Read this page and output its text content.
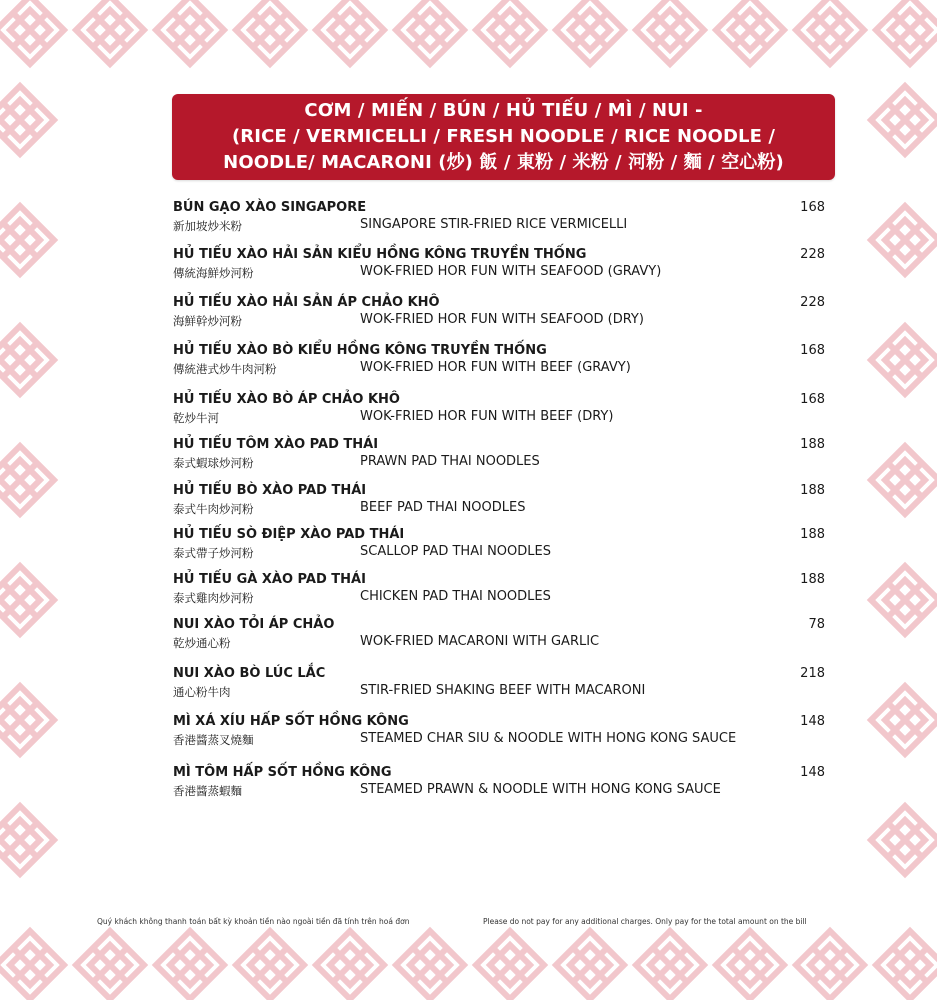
CƠM / MIẾN / BÚN / HỦ TIẾU / MÌ / NUI -
(RICE / VERMICELLI / FRESH NOODLE / RICE NOODLE /
NOODLE/ MACARONI (炒) 飯 / 東粉 / 米粉 / 河粉 / 麵 / 空心粉)
BÚN GẠO XÀO SINGAPORE
新加坡炒米粉	SINGAPORE STIR-FRIED RICE VERMICELLI
168
HỦ TIẾU XÀO HẢI SẢN KIỂU HỒNG KÔNG TRUYỀN THỐNG
傳統海鮮炒河粉	WOK-FRIED HOR FUN WITH SEAFOOD (GRAVY)
228
HỦ TIẾU XÀO HẢI SẢN ÁP CHẢO KHÔ
海鮮幹炒河粉	WOK-FRIED HOR FUN WITH SEAFOOD (DRY)
228
HỦ TIẾU XÀO BÒ KIỂU HỒNG KÔNG TRUYỀN THỐNG
傳統港式炒牛肉河粉	WOK-FRIED HOR FUN WITH BEEF (GRAVY)
168
HỦ TIẾU XÀO BÒ ÁP CHẢO KHÔ
乾炒牛河	WOK-FRIED HOR FUN WITH BEEF (DRY)
168
HỦ TIẾU TÔM XÀO PAD THÁI
泰式蝦球炒河粉	PRAWN PAD THAI NOODLES
188
HỦ TIẾU BÒ XÀO PAD THÁI
泰式牛肉炒河粉	BEEF PAD THAI NOODLES
188
HỦ TIẾU SÒ ĐIỆP XÀO PAD THÁI
泰式帶子炒河粉	SCALLOP PAD THAI NOODLES
188
HỦ TIẾU GÀ XÀO PAD THÁI
泰式雞肉炒河粉	CHICKEN PAD THAI NOODLES
188
NUI XÀO TỎI ÁP CHẢO
乾炒通心粉	WOK-FRIED MACARONI WITH GARLIC
78
NUI XÀO BÒ LÚC LẮC
通心粉牛肉	STIR-FRIED SHAKING BEEF WITH MACARONI
218
MÌ XÁ XÍU HẤP SỐT HỒNG KÔNG
香港醬蒸叉燒麵	STEAMED CHAR SIU & NOODLE WITH HONG KONG SAUCE
148
MÌ TÔM HẤP SỐT HỒNG KÔNG
香港醬蒸蝦麵	STEAMED PRAWN & NOODLE WITH HONG KONG SAUCE
148
Quý khách không thanh toán bất kỳ khoản tiền nào ngoài tiền đã tính trên hoá đơn	Please do not pay for any additional charges. Only pay for the total amount on the bill
